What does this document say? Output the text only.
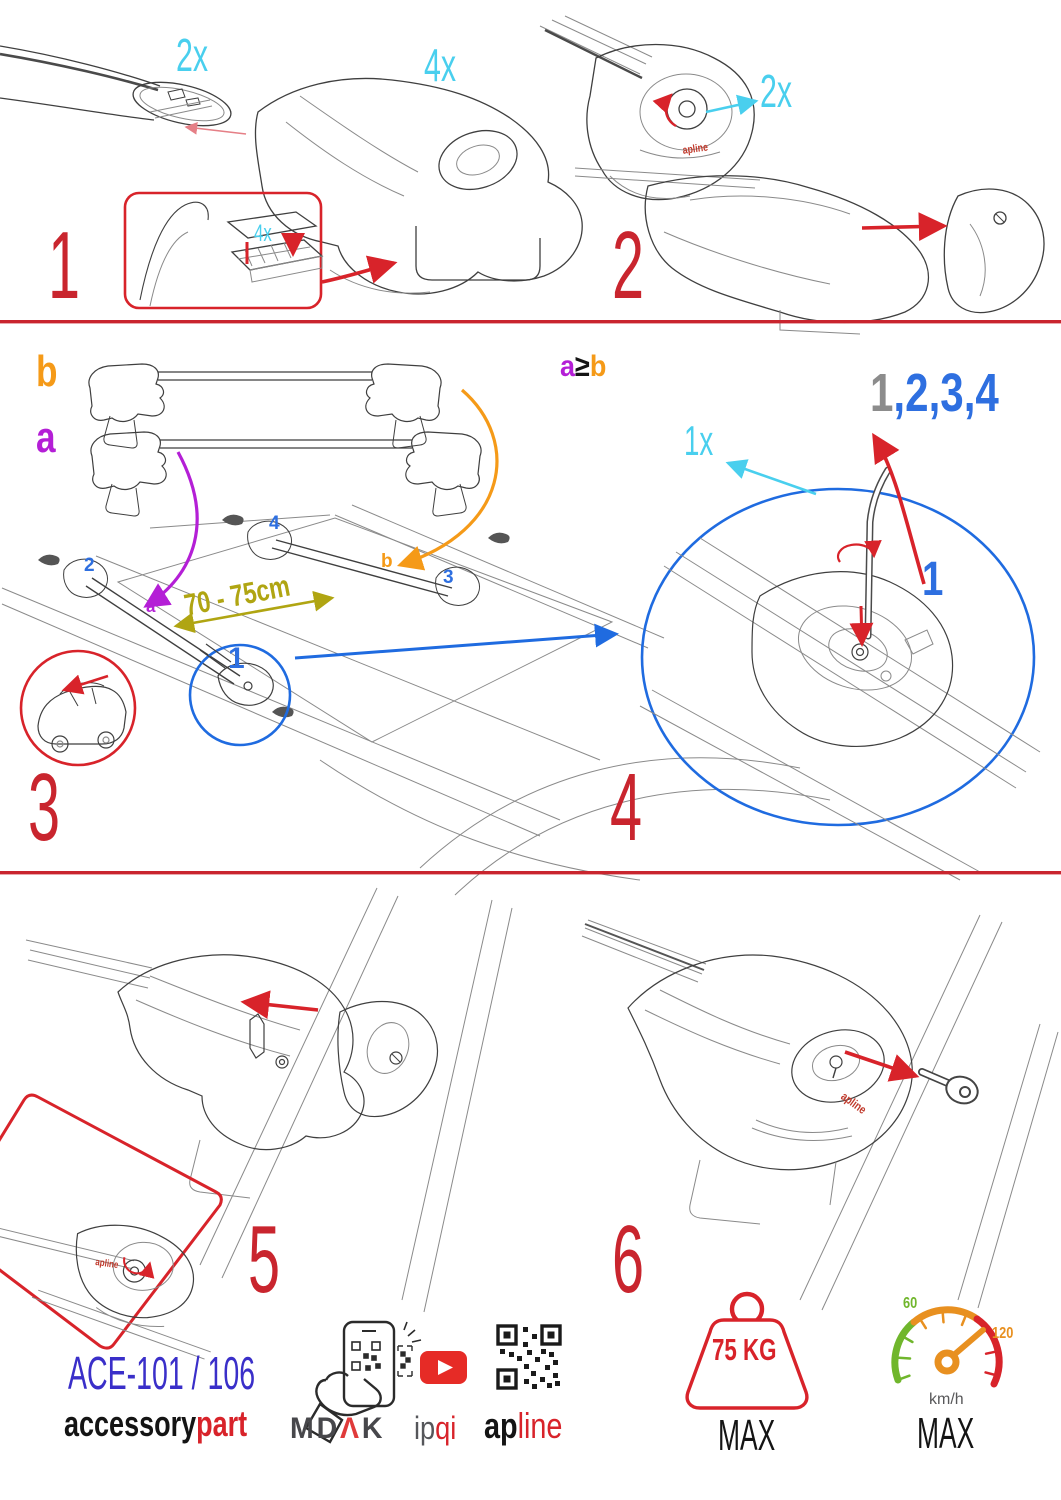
1
2x	4x
4x	2
2x
apline
3
b
a
4
2
3
b
a 70 - 75cm
1
4
a≥b	1,2,3,4
1x
1
5
apline	6
apline
ACE-101 / 106
accessorypart MDΛK ipqi apline
75 KG
MAX
60
120
km/h
MAX
